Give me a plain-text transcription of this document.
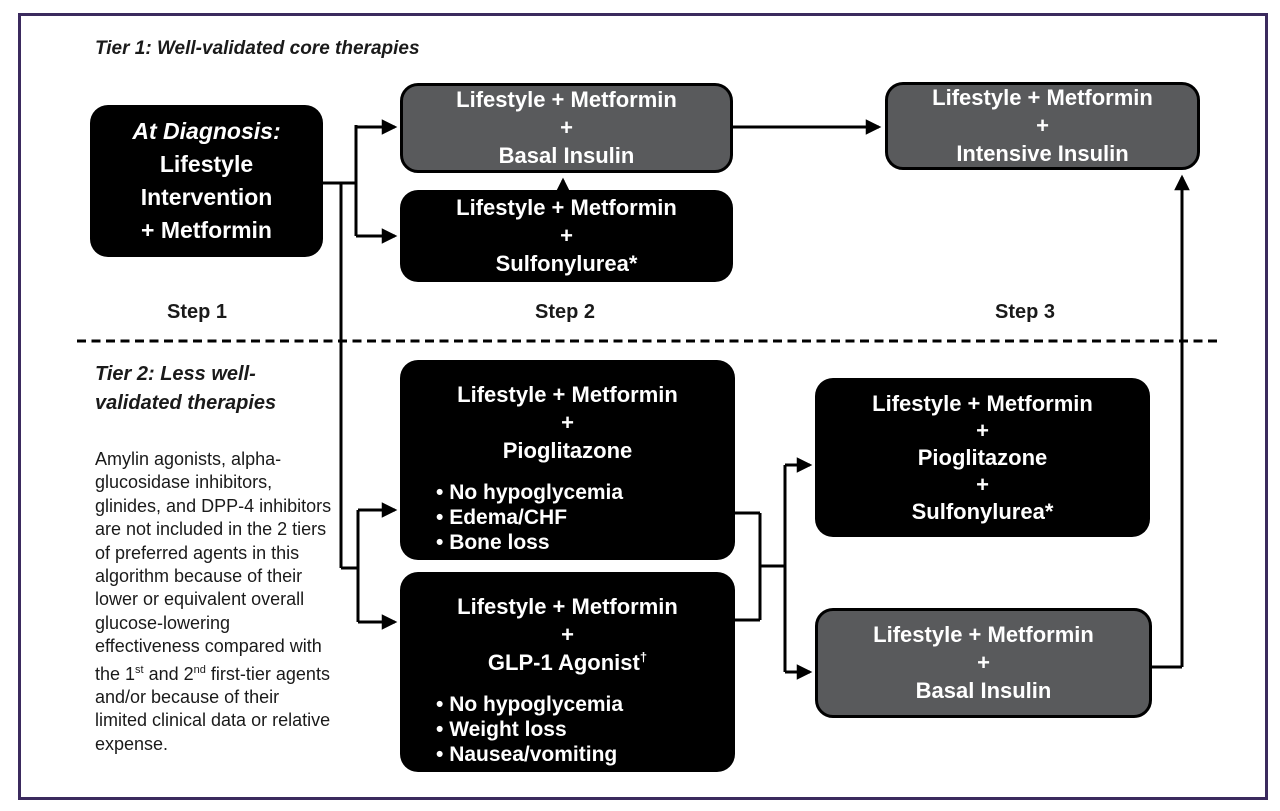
Tier 1: Well-validated core therapies
Step 1	Step 2	Step 3
Tier 2: Less well-
validated therapies

Amylin agonists, alpha-glucosidase inhibitors, glinides, and DPP-4 inhibitors are not included in the 2 tiers of preferred agents in this algorithm because of their lower or equivalent overall glucose-lowering effectiveness compared with the 1st and 2nd first-tier agents and/or because of their limited clinical data or relative expense.

At Diagnosis:
Lifestyle
Intervention
+ Metformin
Lifestyle + Metformin
+
Basal Insulin
Lifestyle + Metformin
+
Sulfonylurea*
Lifestyle + Metformin
+
Intensive Insulin
Lifestyle + Metformin
+
Pioglitazone
• No hypoglycemia
• Edema/CHF
• Bone loss
Lifestyle + Metformin
+
GLP-1 Agonist†
• No hypoglycemia
• Weight loss
• Nausea/vomiting
Lifestyle + Metformin
+
Pioglitazone
+
Sulfonylurea*
Lifestyle + Metformin
+
Basal Insulin
